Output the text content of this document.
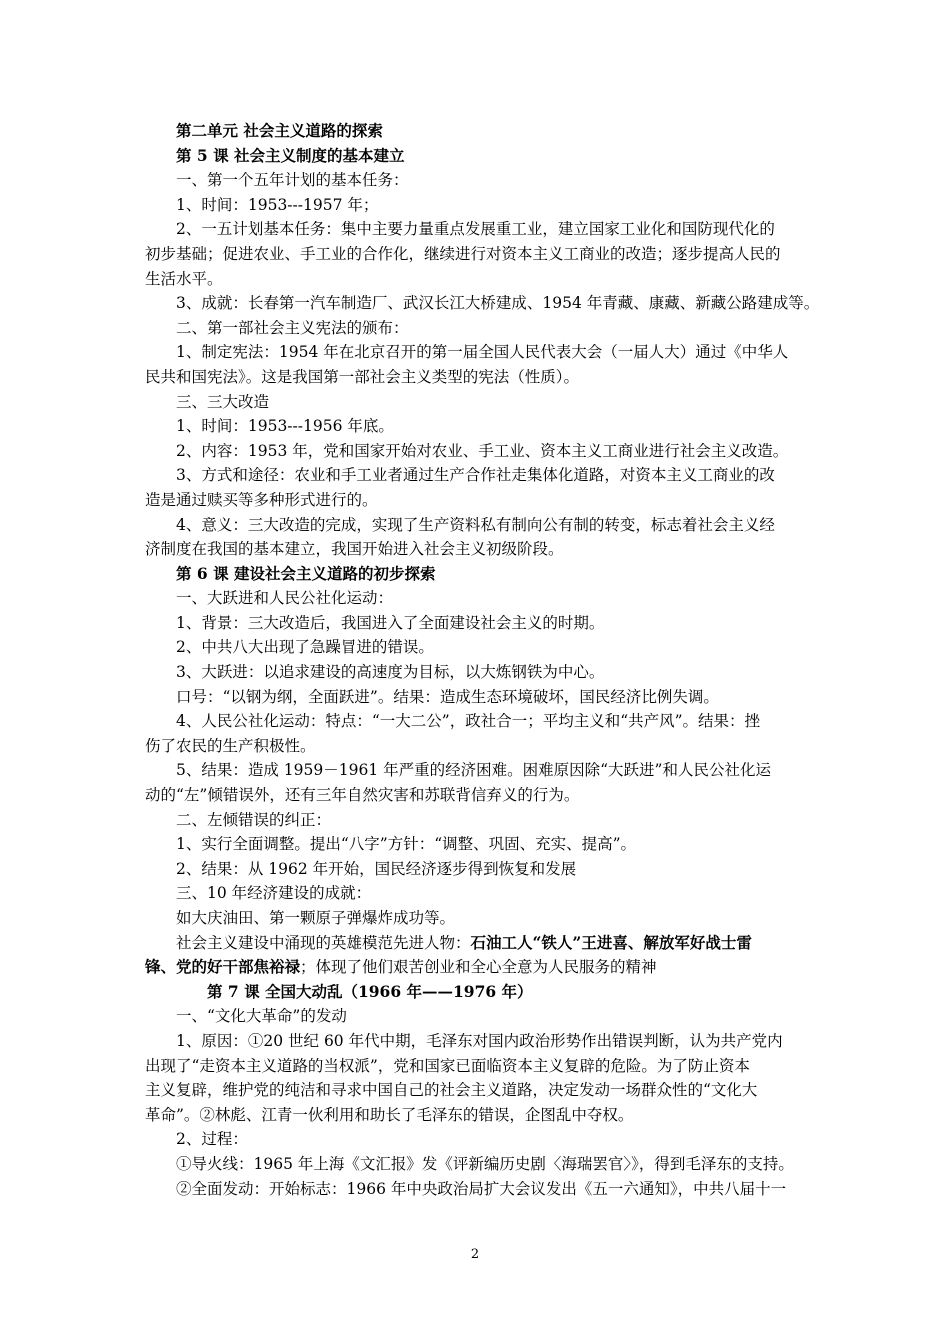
第二单元 社会主义道路的探索
第 5 课 社会主义制度的基本建立
一、第一个五年计划的基本任务：
1、时间：1953---1957 年；
2、一五计划基本任务：集中主要力量重点发展重工业，建立国家工业化和国防现代化的
初步基础；促进农业、手工业的合作化，继续进行对资本主义工商业的改造；逐步提高人民的
生活水平。
3、成就：长春第一汽车制造厂、武汉长江大桥建成、1954 年青藏、康藏、新藏公路建成等。
二、第一部社会主义宪法的颁布：
1、制定宪法：1954 年在北京召开的第一届全国人民代表大会（一届人大）通过《中华人
民共和国宪法》。这是我国第一部社会主义类型的宪法（性质）。
三、三大改造
1、时间：1953---1956 年底。
2、内容：1953 年，党和国家开始对农业、手工业、资本主义工商业进行社会主义改造。
3、方式和途径：农业和手工业者通过生产合作社走集体化道路，对资本主义工商业的改
造是通过赎买等多种形式进行的。
4、意义：三大改造的完成，实现了生产资料私有制向公有制的转变，标志着社会主义经
济制度在我国的基本建立，我国开始进入社会主义初级阶段。
第 6 课 建设社会主义道路的初步探索
一、大跃进和人民公社化运动：
1、背景：三大改造后，我国进入了全面建设社会主义的时期。
2、中共八大出现了急躁冒进的错误。
3、大跃进：以追求建设的高速度为目标，以大炼钢铁为中心。
口号：“以钢为纲，全面跃进”。结果：造成生态环境破坏，国民经济比例失调。
4、人民公社化运动：特点：“一大二公”，政社合一；平均主义和“共产风”。结果：挫
伤了农民的生产积极性。
5、结果：造成 1959－1961 年严重的经济困难。困难原因除“大跃进”和人民公社化运
动的“左”倾错误外，还有三年自然灾害和苏联背信弃义的行为。
二、左倾错误的纠正：
1、实行全面调整。提出“八字”方针：“调整、巩固、充实、提高”。
2、结果：从 1962 年开始，国民经济逐步得到恢复和发展
三、10 年经济建设的成就：
如大庆油田、第一颗原子弹爆炸成功等。
社会主义建设中涌现的英雄模范先进人物：石油工人“铁人”王进喜、解放军好战士雷
锋、党的好干部焦裕禄；体现了他们艰苦创业和全心全意为人民服务的精神
第 7 课 全国大动乱（1966 年——1976 年）
一、“文化大革命”的发动
1、原因：①20 世纪 60 年代中期，毛泽东对国内政治形势作出错误判断，认为共产党内
出现了“走资本主义道路的当权派”，党和国家已面临资本主义复辟的危险。为了防止资本
主义复辟，维护党的纯洁和寻求中国自己的社会主义道路，决定发动一场群众性的“文化大
革命”。②林彪、江青一伙利用和助长了毛泽东的错误，企图乱中夺权。
2、过程：
①导火线：1965 年上海《文汇报》发《评新编历史剧〈海瑞罢官〉》，得到毛泽东的支持。
②全面发动：开始标志：1966 年中央政治局扩大会议发出《五一六通知》，中共八届十一
2
